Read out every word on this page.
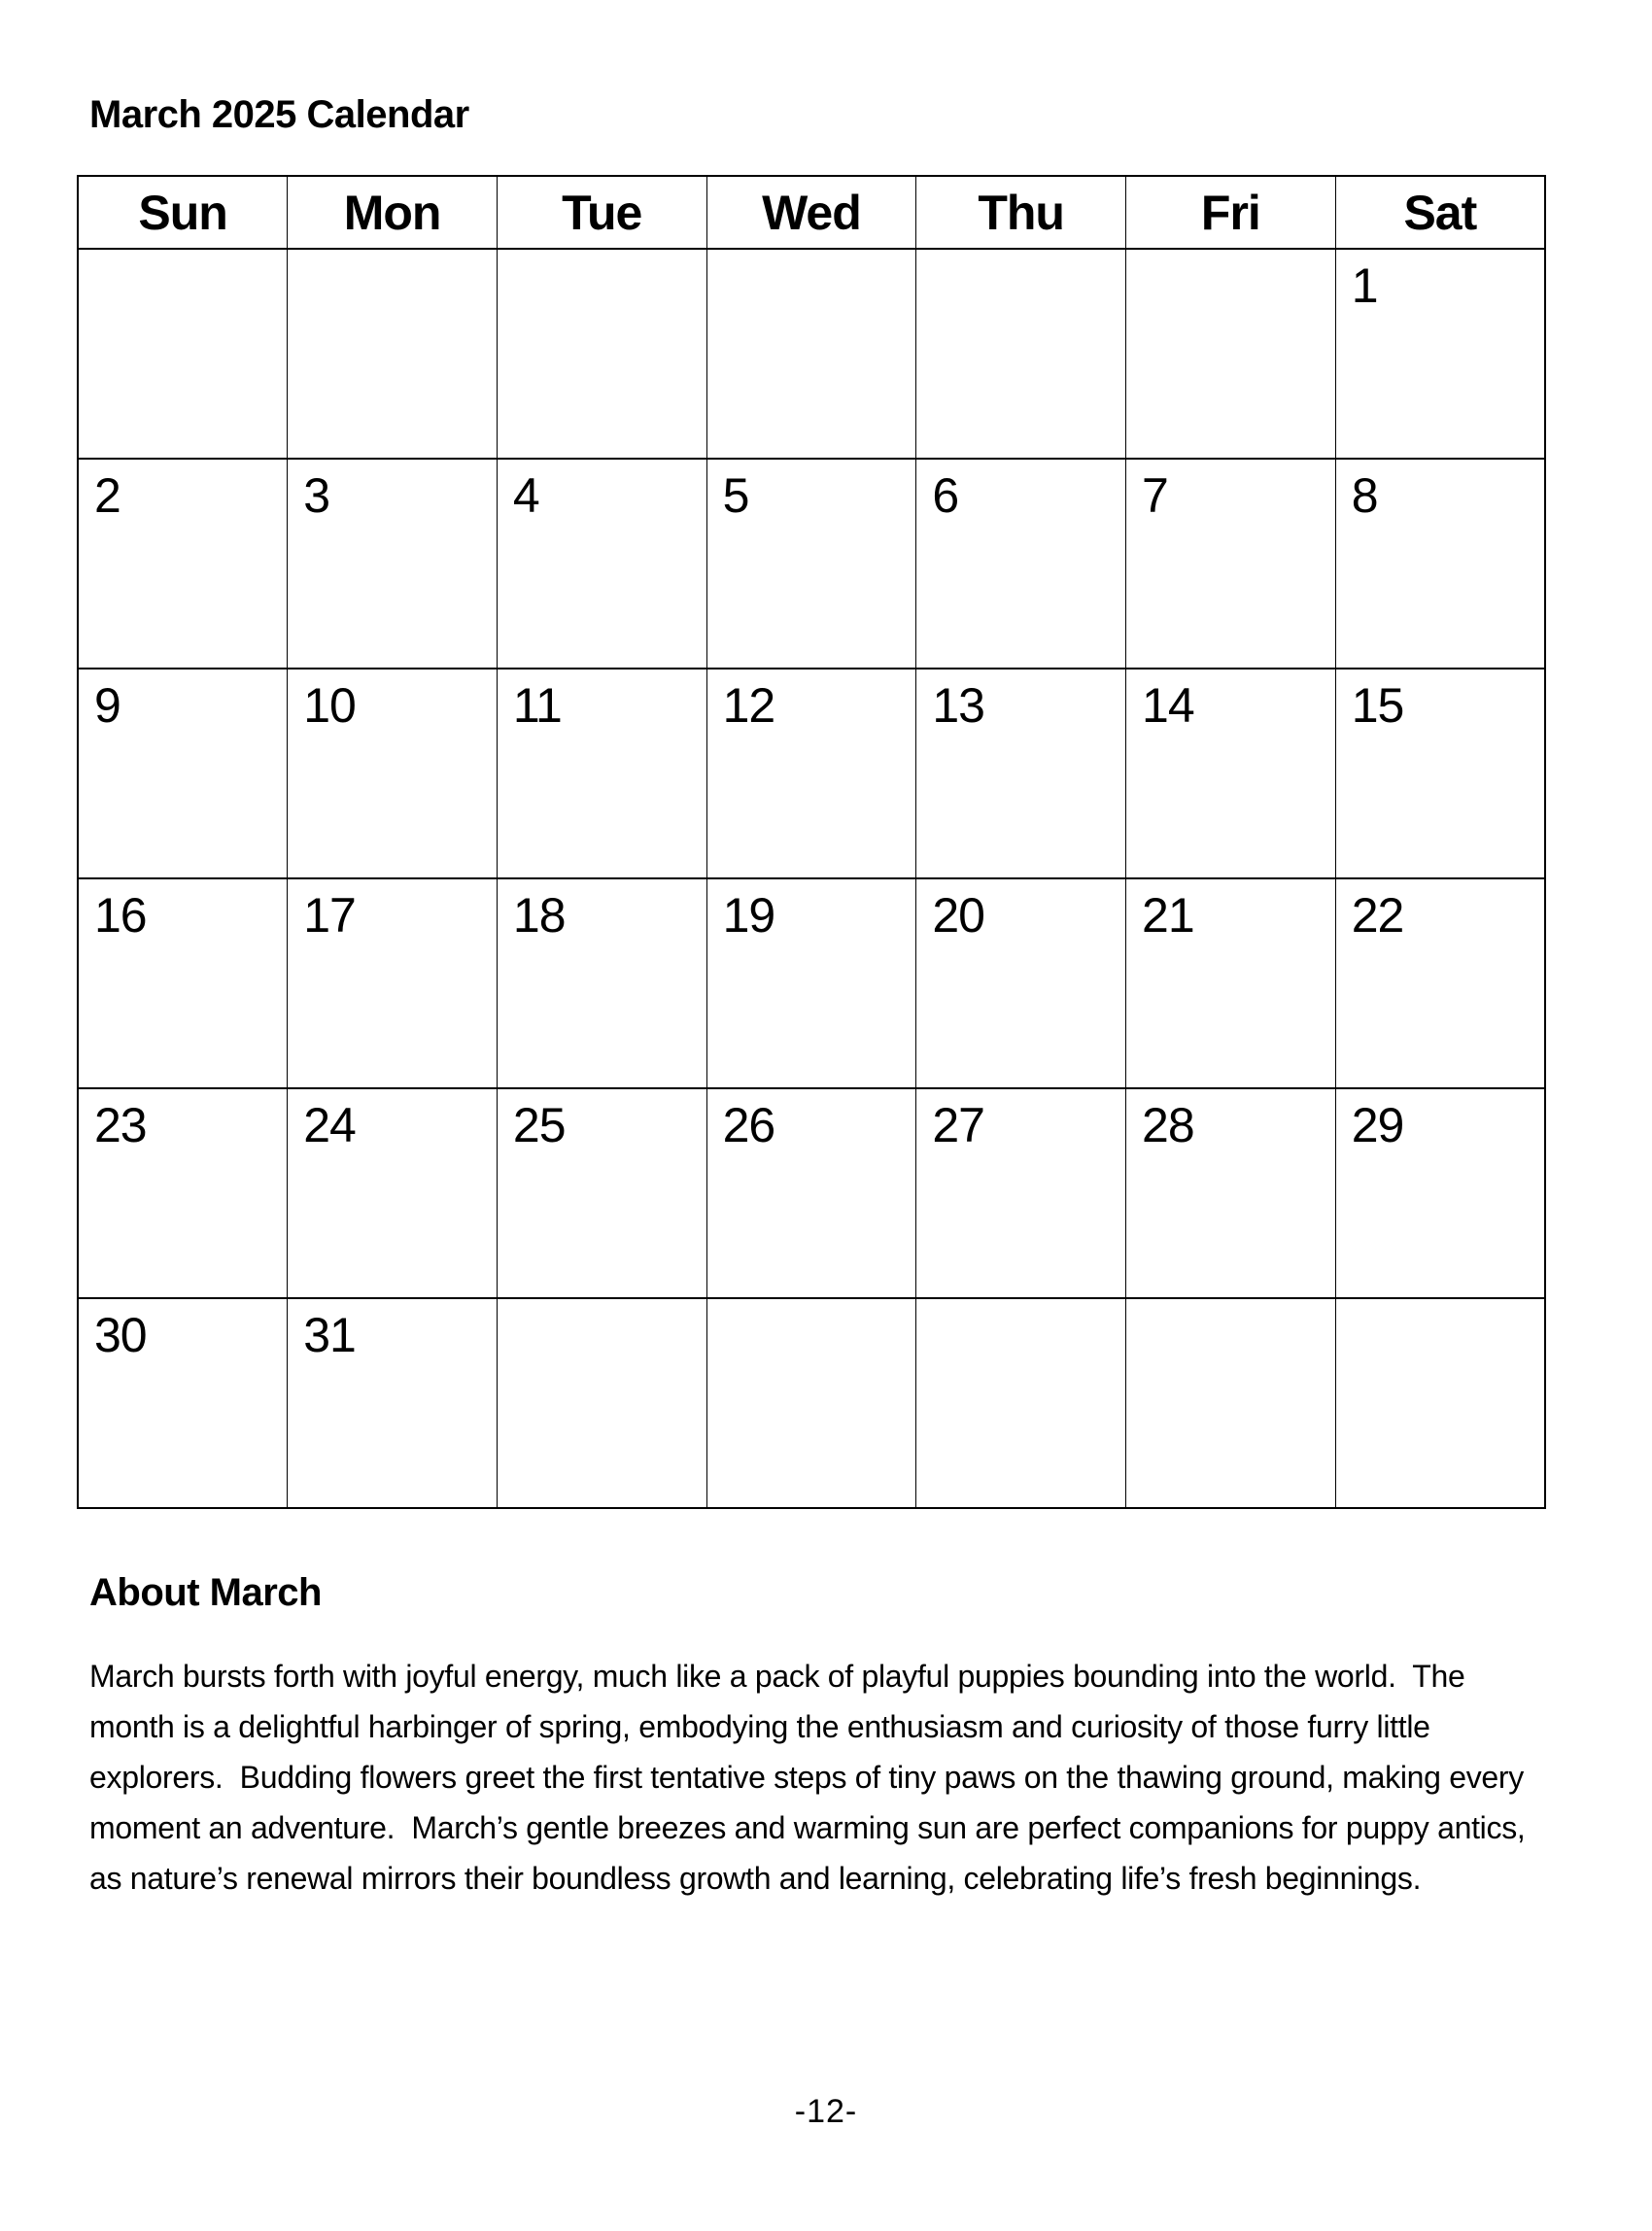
March 2025 Calendar
Sun	Mon	Tue	Wed	Thu	Fri	Sat

						1

2	3	4	5	6	7	8

9	10	11	12	13	14	15

16	17	18	19	20	21	22

23	24	25	26	27	28	29

30	31					

About March

March bursts forth with joyful energy, much like a pack of playful puppies bounding into the world.  The month is a delightful harbinger of spring, embodying the enthusiasm and curiosity of those furry little explorers.  Budding flowers greet the first tentative steps of tiny paws on the thawing ground, making every moment an adventure.  March’s gentle breezes and warming sun are perfect companions for puppy antics, as nature’s renewal mirrors their boundless growth and learning, celebrating life’s fresh beginnings.

-12-
